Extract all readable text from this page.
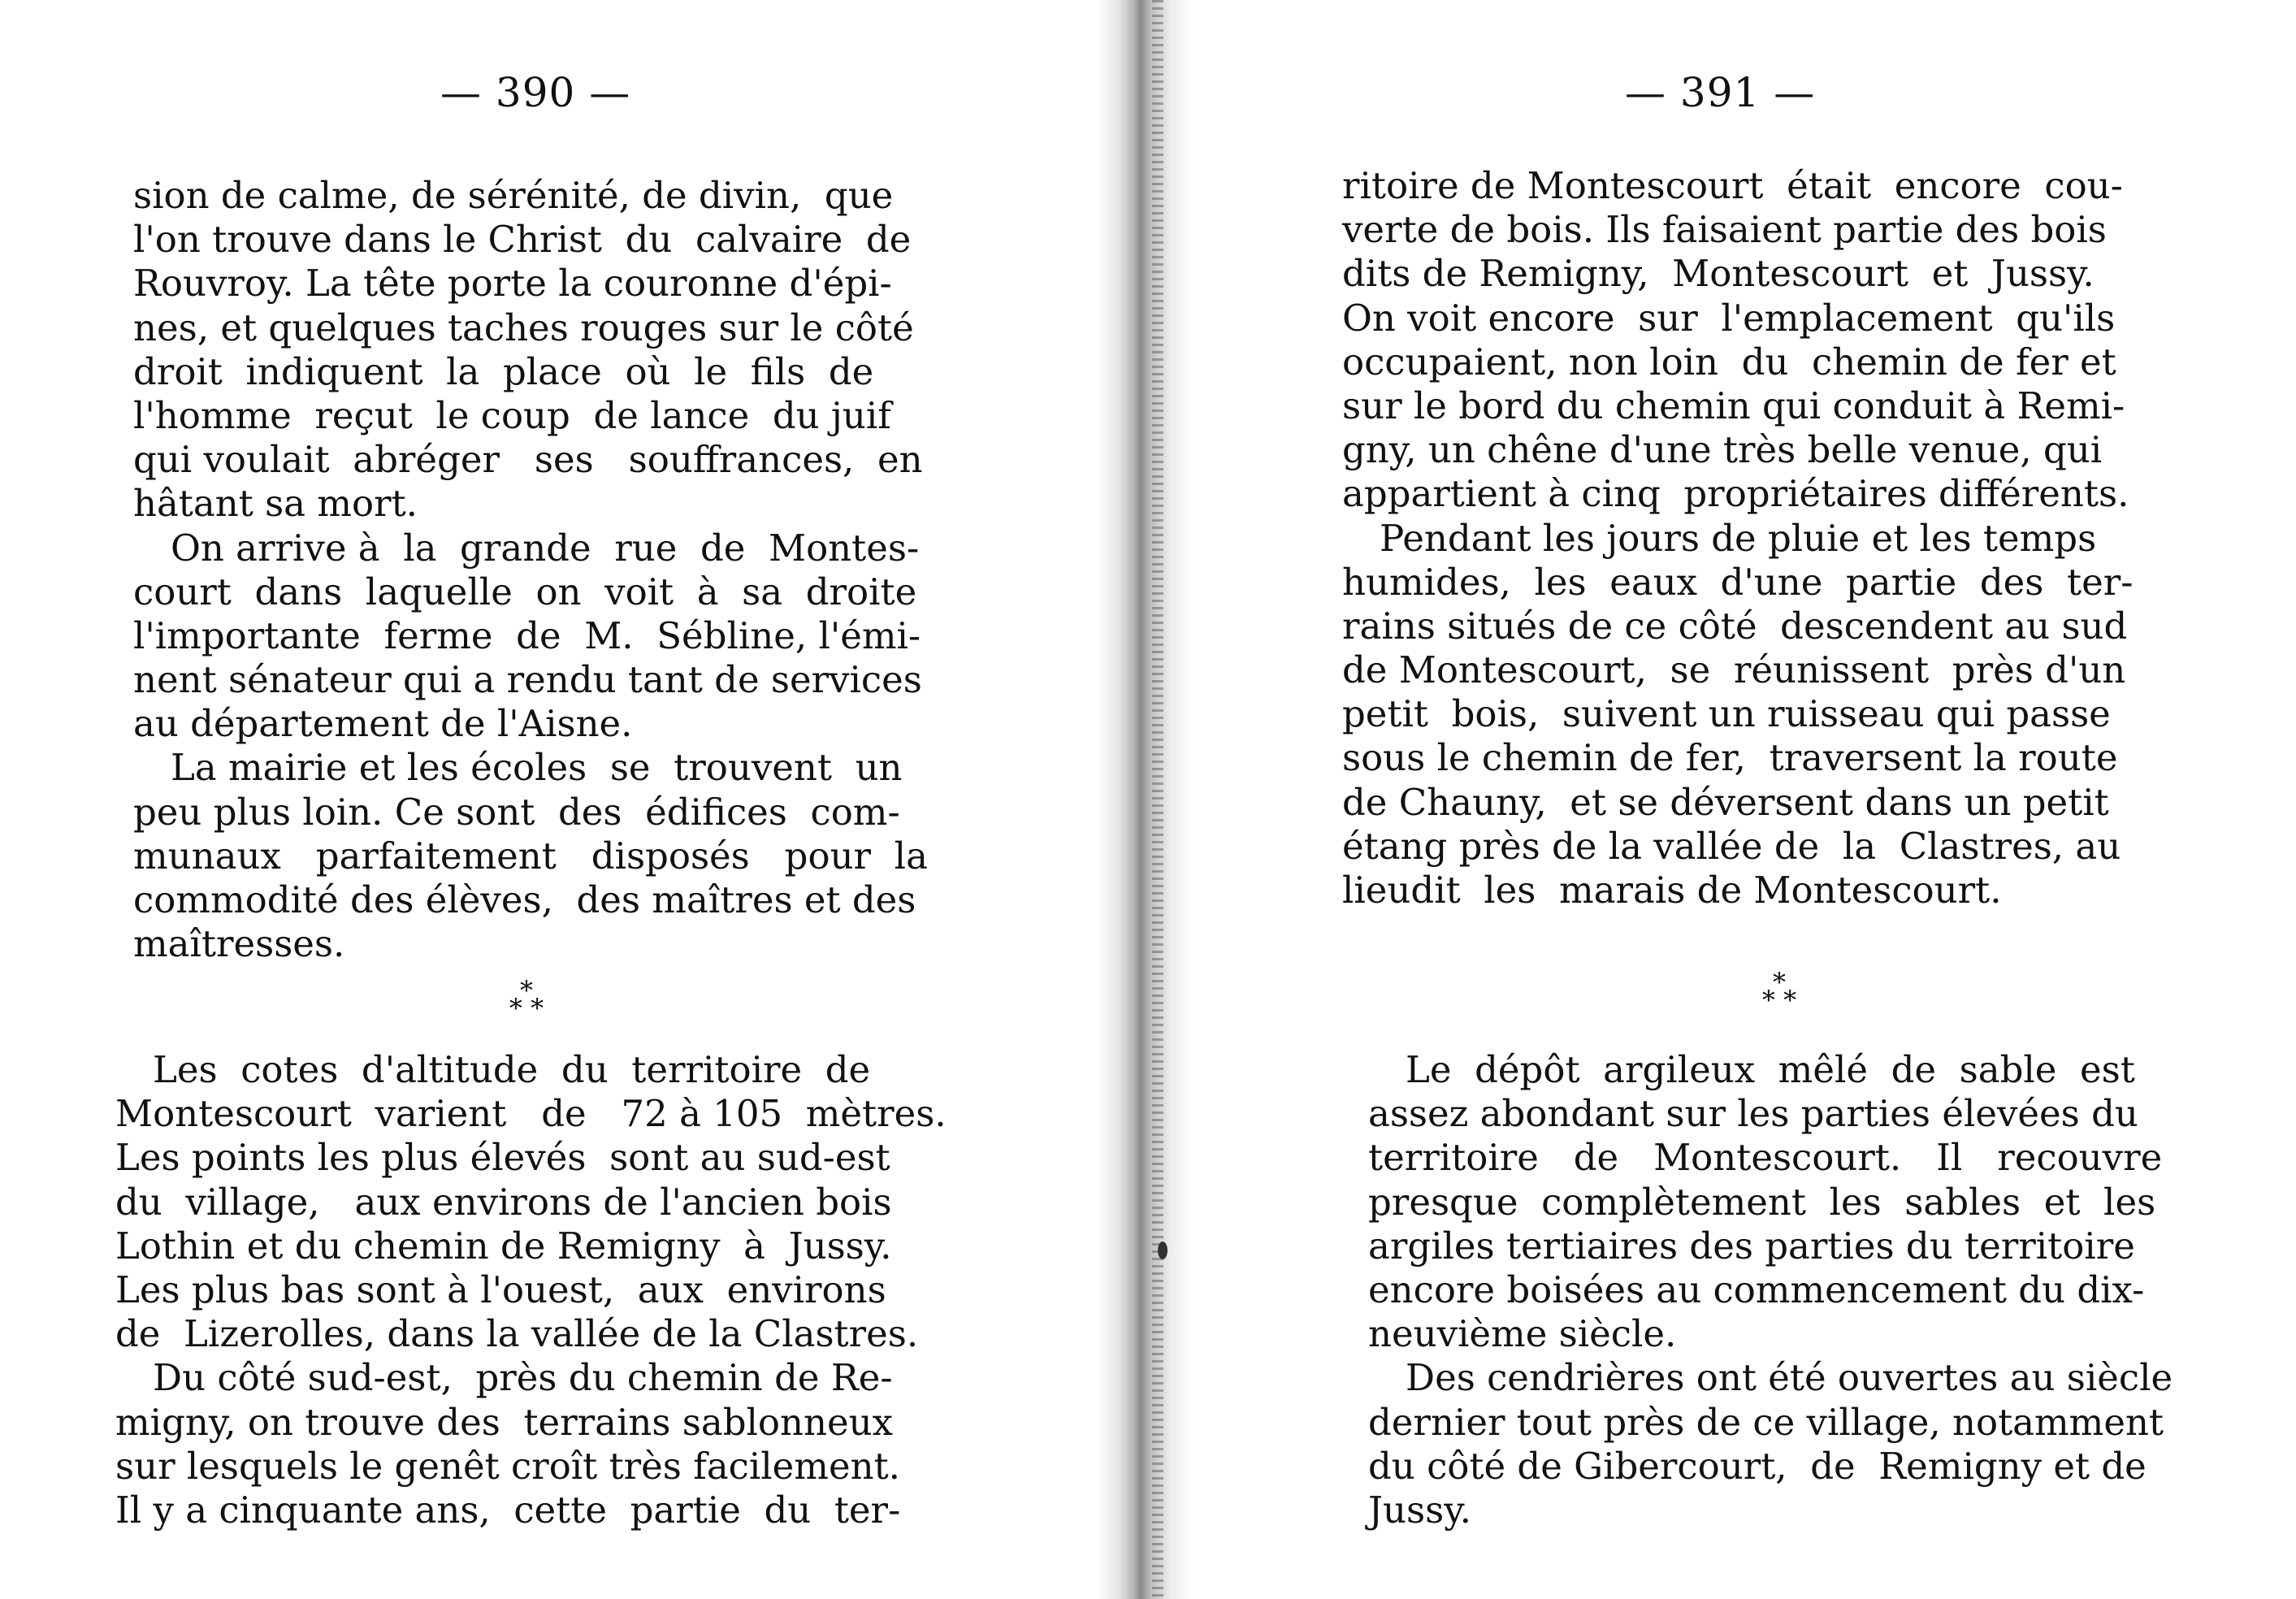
— 390 —
sion de calme, de sérénité, de divin,  que
l'on trouve dans le Christ  du  calvaire  de
Rouvroy. La tête porte la couronne d'épi-
nes, et quelques taches rouges sur le côté
droit  indiquent  la  place  où  le  fils  de
l'homme  reçut  le coup  de lance  du juif
qui voulait  abréger   ses   souffrances,  en
hâtant sa mort.
On arrive à  la  grande  rue  de  Montes-
court  dans  laquelle  on  voit  à  sa  droite
l'importante  ferme  de  M.  Sébline, l'émi-
nent sénateur qui a rendu tant de services
au département de l'Aisne.
La mairie et les écoles  se  trouvent  un
peu plus loin. Ce sont  des  édifices  com-
munaux   parfaitement   disposés   pour  la
commodité des élèves,  des maîtres et des
maîtresses.
*
* *
Les  cotes  d'altitude  du  territoire  de
Montescourt  varient   de   72 à 105  mètres.
Les points les plus élevés  sont au sud-est
du  village,   aux environs de l'ancien bois
Lothin et du chemin de Remigny  à  Jussy.
Les plus bas sont à l'ouest,  aux  environs
de  Lizerolles, dans la vallée de la Clastres.
Du côté sud-est,  près du chemin de Re-
migny, on trouve des  terrains sablonneux
sur lesquels le genêt croît très facilement.
Il y a cinquante ans,  cette  partie  du  ter-
— 391 —
ritoire de Montescourt  était  encore  cou-
verte de bois. Ils faisaient partie des bois
dits de Remigny,  Montescourt  et  Jussy.
On voit encore  sur  l'emplacement  qu'ils
occupaient, non loin  du  chemin de fer et
sur le bord du chemin qui conduit à Remi-
gny, un chêne d'une très belle venue, qui
appartient à cinq  propriétaires différents.
Pendant les jours de pluie et les temps
humides,  les  eaux  d'une  partie  des  ter-
rains situés de ce côté  descendent au sud
de Montescourt,  se  réunissent  près d'un
petit  bois,  suivent un ruisseau qui passe
sous le chemin de fer,  traversent la route
de Chauny,  et se déversent dans un petit
étang près de la vallée de  la  Clastres, au
lieudit  les  marais de Montescourt.
*
* *
Le  dépôt  argileux  mêlé  de  sable  est
assez abondant sur les parties élevées du
territoire   de   Montescourt.   Il   recouvre
presque  complètement  les  sables  et  les
argiles tertiaires des parties du territoire
encore boisées au commencement du dix-
neuvième siècle.
Des cendrières ont été ouvertes au siècle
dernier tout près de ce village, notamment
du côté de Gibercourt,  de  Remigny et de
Jussy.
